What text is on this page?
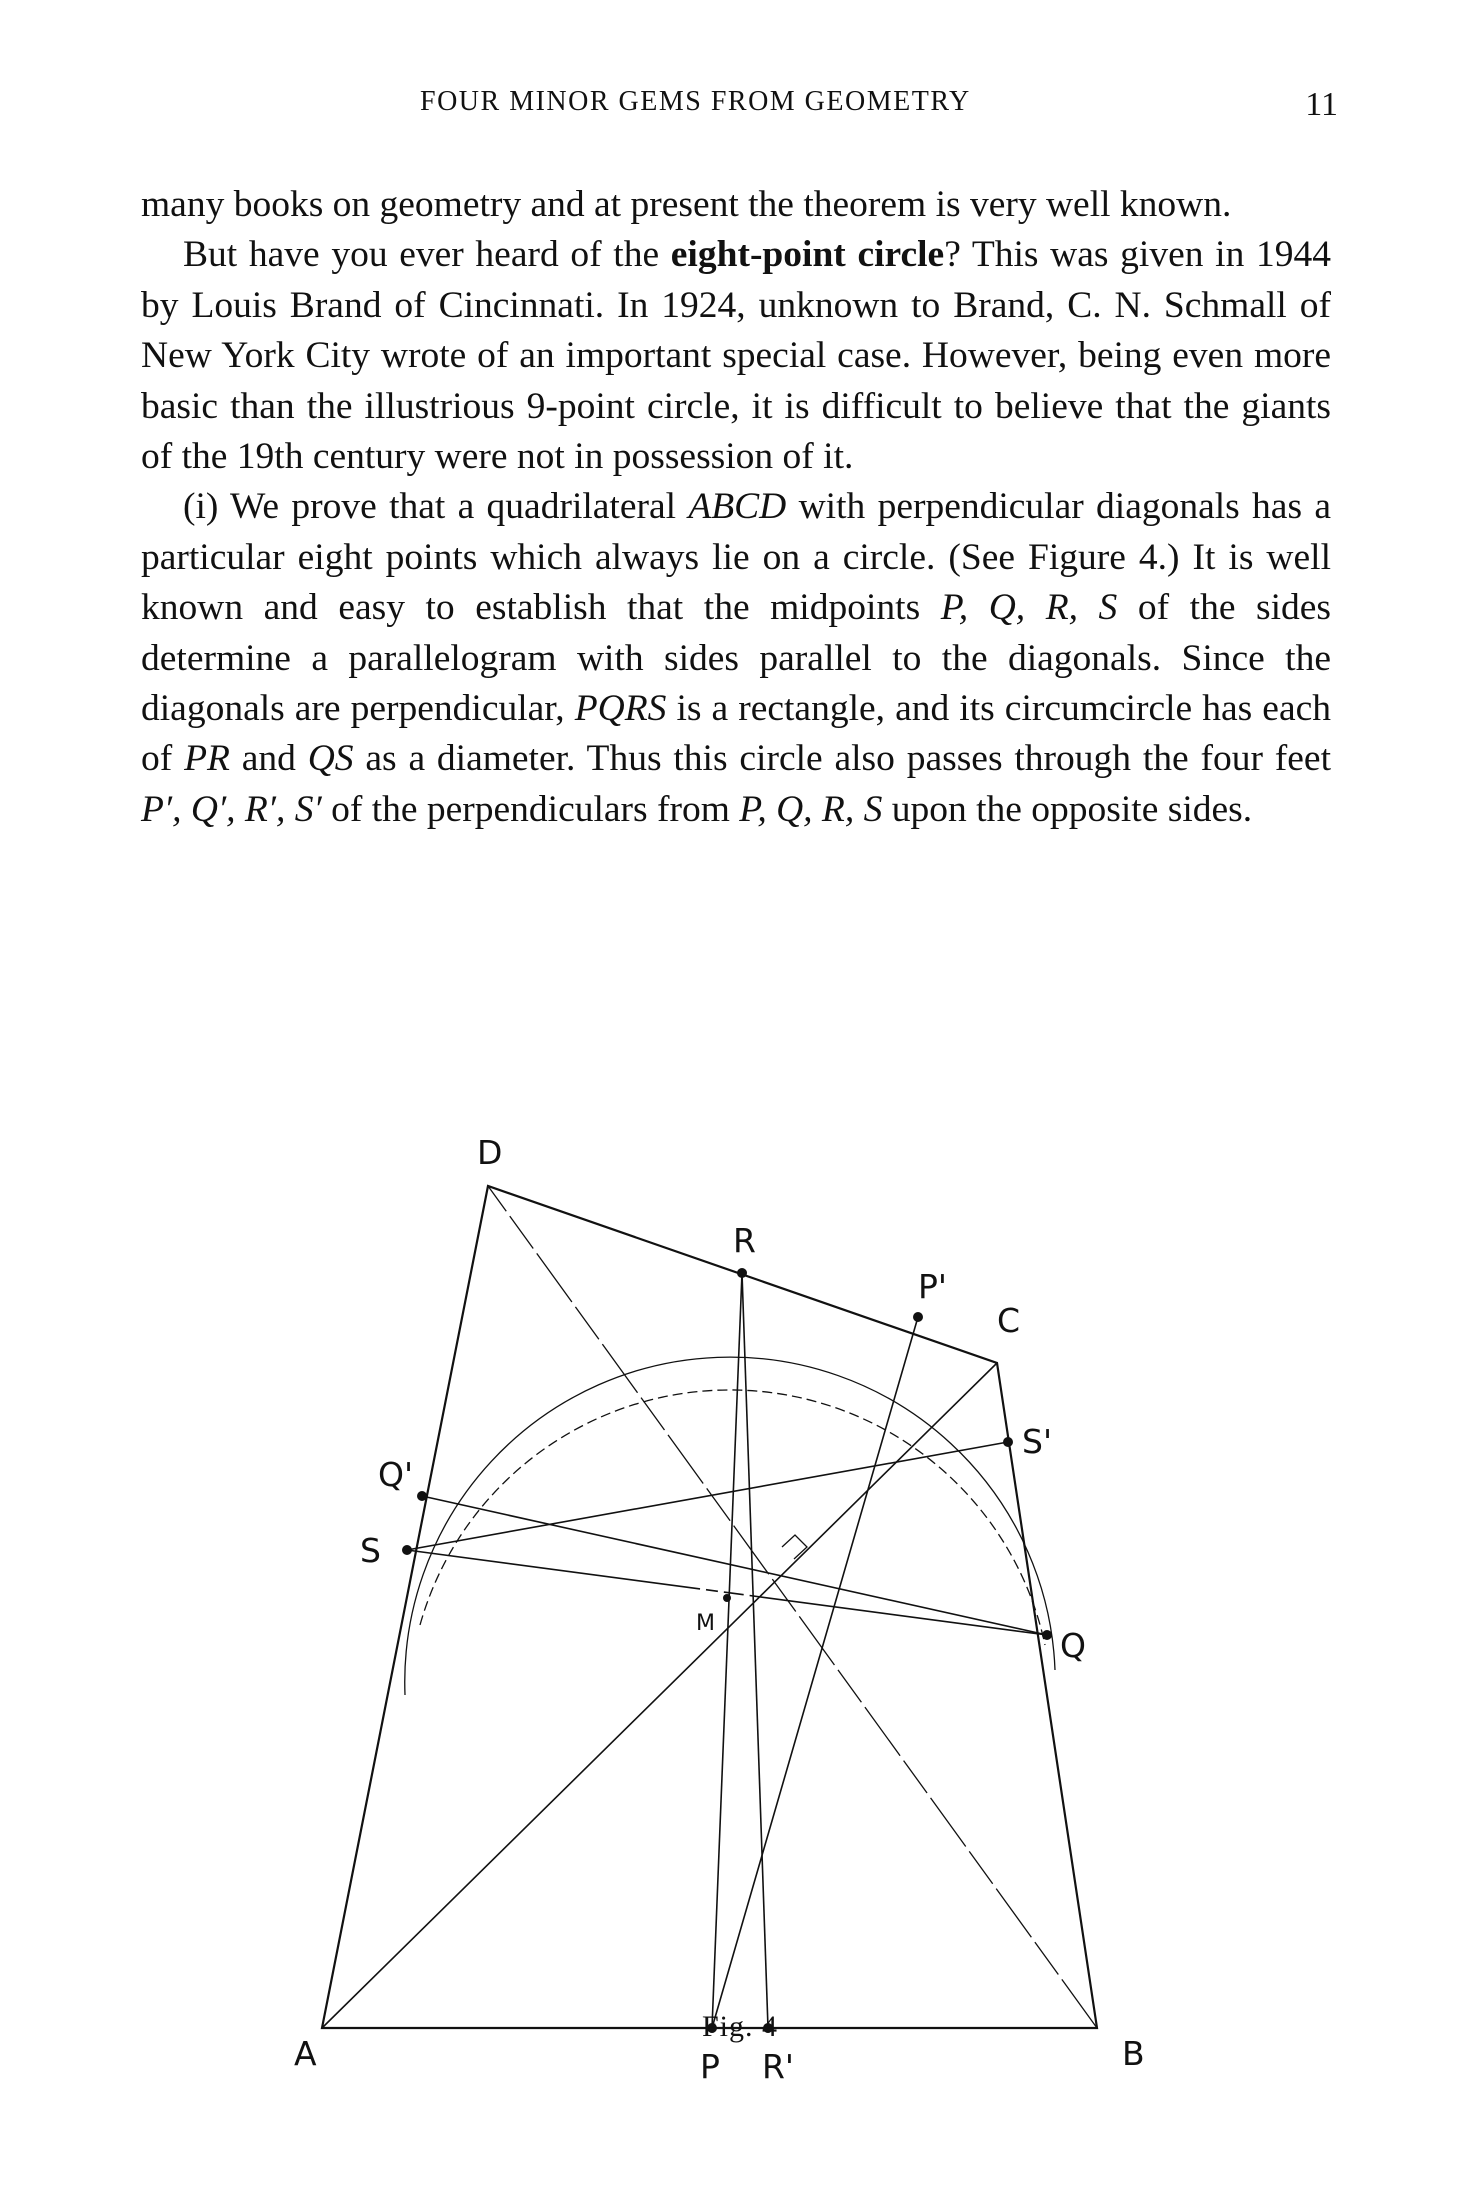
FOUR MINOR GEMS FROM GEOMETRY	11

many books on geometry and at present the theorem is very well known.

But have you ever heard of the eight-point circle? This was given in 1944 by Louis Brand of Cincinnati. In 1924, unknown to Brand, C. N. Schmall of New York City wrote of an important special case. However, being even more basic than the illustrious 9-point circle, it is difficult to believe that the giants of the 19th century were not in possession of it.

(i) We prove that a quadrilateral ABCD with perpendicular diagonals has a particular eight points which always lie on a circle. (See Figure 4.) It is well known and easy to establish that the midpoints P, Q, R, S of the sides determine a parallelogram with sides parallel to the diagonals. Since the diagonals are perpendicular, PQRS is a rectangle, and its circumcircle has each of PR and QS as a diameter. Thus this circle also passes through the four feet P′, Q′, R′, S′ of the perpendiculars from P, Q, R, S upon the opposite sides.

A	B
C
D
P
Q
R
S
P'
Q'
R'
S'
M
Fig. 4
